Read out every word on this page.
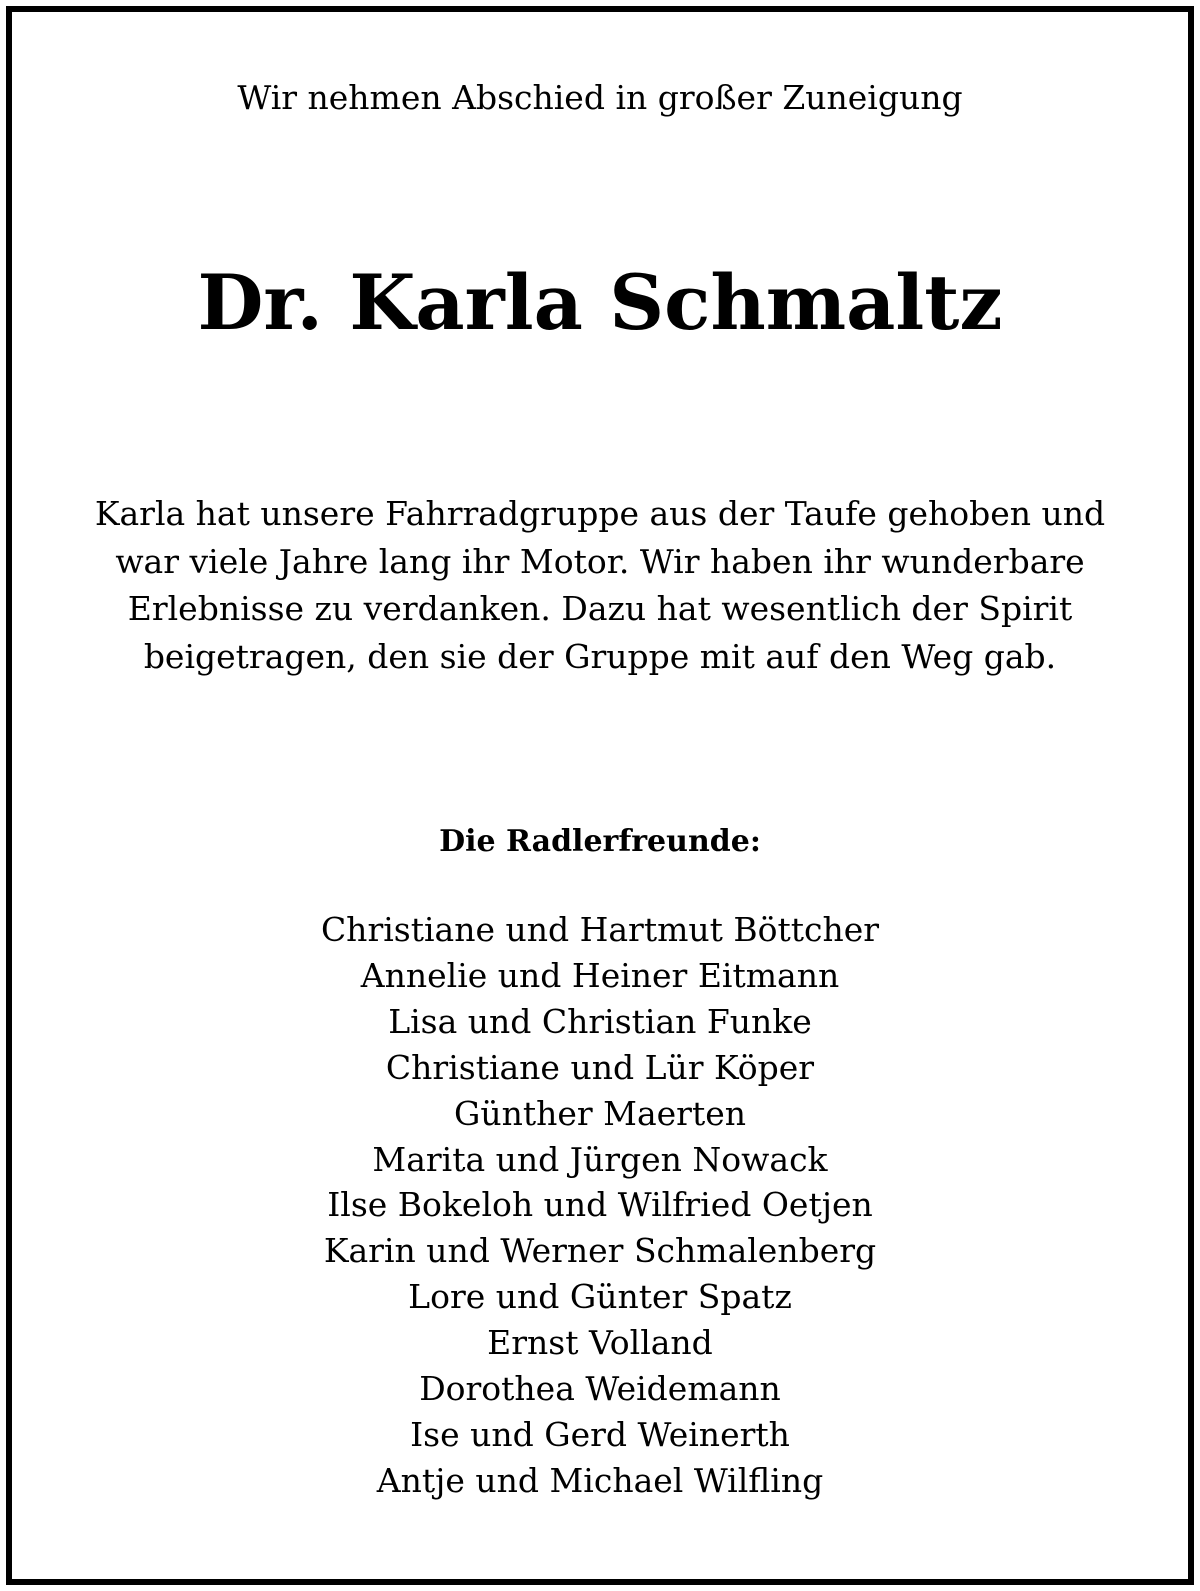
Wir nehmen Abschied in großer Zuneigung
Dr. Karla Schmaltz
Karla hat unsere Fahrradgruppe aus der Taufe gehoben und
war viele Jahre lang ihr Motor. Wir haben ihr wunderbare
Erlebnisse zu verdanken. Dazu hat wesentlich der Spirit
beigetragen, den sie der Gruppe mit auf den Weg gab.
Die Radlerfreunde:
Christiane und Hartmut Böttcher
Annelie und Heiner Eitmann
Lisa und Christian Funke
Christiane und Lür Köper
Günther Maerten
Marita und Jürgen Nowack
Ilse Bokeloh und Wilfried Oetjen
Karin und Werner Schmalenberg
Lore und Günter Spatz
Ernst Volland
Dorothea Weidemann
Ise und Gerd Weinerth
Antje und Michael Wilfling
